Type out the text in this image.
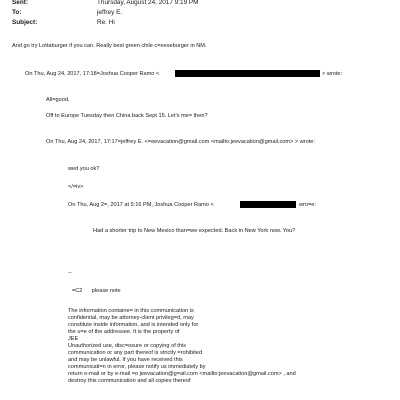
Sent:	Thursday, August 24, 2017 9:19 PM
To:	jeffrey E.
Subject:	Re: Hi
And go try Lottaburger if you can. Really best green chile c=eeseburger in NM.
On Thu, Aug 24, 2017, 17:18=Joshua Cooper Ramo <	> wrote:
All=good.
Off to Europe Tuesday then China back Sept 15. Let's me= then?
On Thu, Aug 24, 2017, 17:17=jeffrey E. <=eevacation@gmail.com <mailto:jeevacation@gmail.com> > wrote:
wed you ok?
</=iv>
On Thu, Aug 2=, 2017 at 5:16 PM, Joshua Cooper Ramo <	wro=e:
Had a shorter trip to New Mexico than=we expected. Back in New York now. You?
--
=C2      please note
The information containe= in this communication is
confidential, may be attorney-client privileg=d, may
constitute inside information, and is intended only for
the u=e of the addressee. It is the property of
JEE
Unauthorized use, disc=osure or copying of this
communication or any part thereof is strictly =rohibited
and may be unlawful. If you have received this
communicati=n in error, please notify us immediately by
return e-mail or by e-mail =o jeevacation@g=ail.com <mailto:jeevacation@gmail.com> , and
destroy this communication and all copies thereof
